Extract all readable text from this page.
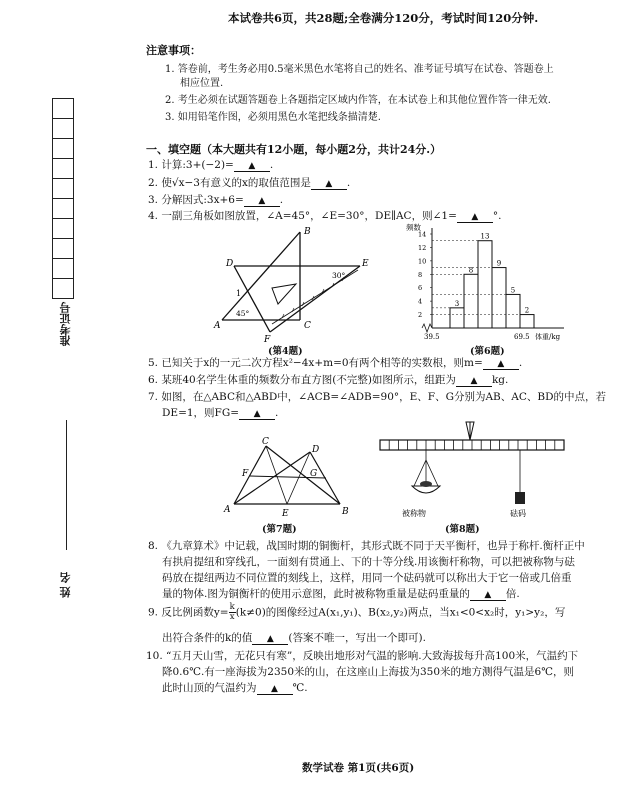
本试卷共6页，共28题;全卷满分120分，考试时间120分钟.
准考证号
姓 名
注意事项：
1. 答卷前，考生务必用0.5毫米黑色水笔将自己的姓名、准考证号填写在试卷、答题卷上
相应位置.
2. 考生必须在试题答题卷上各题指定区域内作答，在本试卷上和其他位置作答一律无效.
3. 如用铅笔作图，必须用黑色水笔把线条描清楚.
一、填空题（本大题共有12小题，每小题2分，共计24分.）
1. 计算:3+(−2)= ▲ .
2. 使√x−3有意义的x的取值范围是 ▲ .
3. 分解因式:3x+6= ▲ .
4. 一副三角板如图放置，∠A=45°，∠E=30°，DE∥AC，则∠1= ▲ °.
A
B
C
D	E
F
1
45°
30°
(第4题)
频数
体重/kg
39.5	69.5
14
12
10
8
6
4
2
3
8
13
9
5
2
(第6题)
5. 已知关于x的一元二次方程x²−4x+m=0有两个相等的实数根，则m= ▲ .
6. 某班40名学生体重的频数分布直方图(不完整)如图所示，组距为 ▲ kg.
7. 如图，在△ABC和△ABD中，∠ACB=∠ADB=90°，E、F、G分别为AB、AC、BD的中点，若
DE=1，则FG= ▲ .
A	B
C
D
E
F	G
(第7题)
被称物	砝码
(第8题)
8. 《九章算术》中记载，战国时期的铜衡杆，其形式既不同于天平衡杆，也异于称杆.衡杆正中
有拱肩提纽和穿线孔，一面刻有贯通上、下的十等分线.用该衡杆称物，可以把被称物与砝
码放在提纽两边不同位置的刻线上，这样，用同一个砝码就可以称出大于它一倍或几倍重
量的物体.图为铜衡杆的使用示意图，此时被称物重量是砝码重量的 ▲ 倍.
9. 反比例函数$y= \frac{k}{x} (k\ne 0)$的图像经过A(x₁,y₁)、B(x₂,y₂)两点，当x₁<0<x₂时，y₁>y₂，写
出符合条件的k的值 ▲ (答案不唯一，写出一个即可).
10. “五月天山雪，无花只有寒”，反映出地形对气温的影响.大致海拔每升高100米，气温约下
降0.6℃.有一座海拔为2350米的山，在这座山上海拔为350米的地方测得气温是6℃，则
此时山顶的气温约为 ▲ ℃.
数学试卷 第1页(共6页)
